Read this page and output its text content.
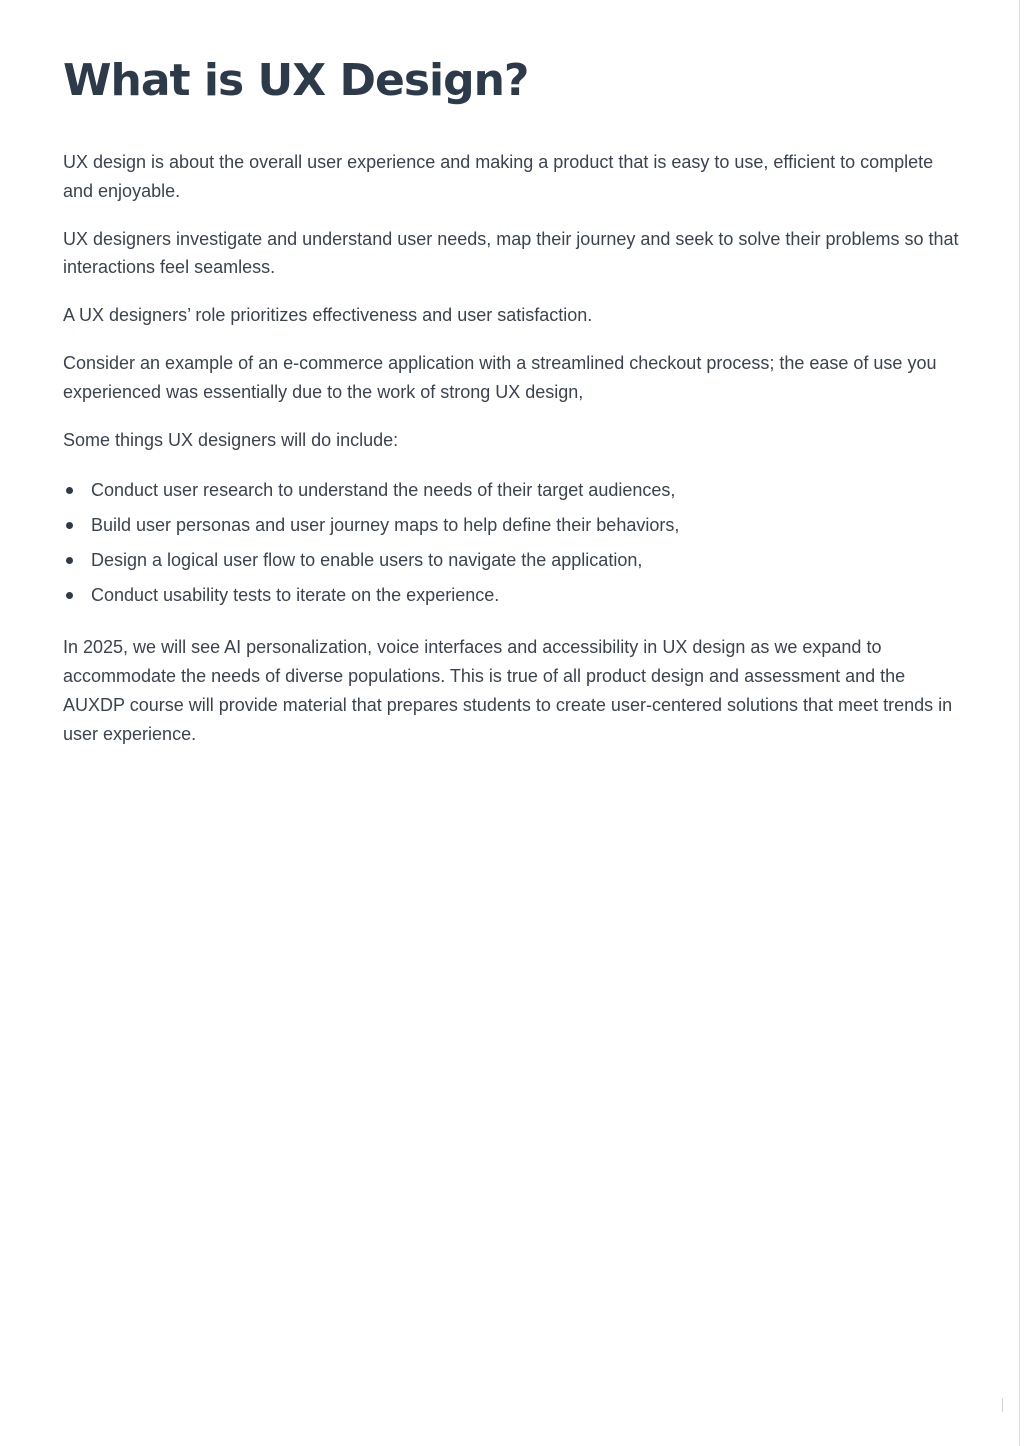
What is UX Design?

UX design is about the overall user experience and making a product that is easy to use, efficient to complete and enjoyable.

UX designers investigate and understand user needs, map their journey and seek to solve their problems so that interactions feel seamless.

A UX designers’ role prioritizes effectiveness and user satisfaction.

Consider an example of an e-commerce application with a streamlined checkout process; the ease of use you experienced was essentially due to the work of strong UX design,

Some things UX designers will do include:

Conduct user research to understand the needs of their target audiences,
Build user personas and user journey maps to help define their behaviors,
Design a logical user flow to enable users to navigate the application,
Conduct usability tests to iterate on the experience.

In 2025, we will see AI personalization, voice interfaces and accessibility in UX design as we expand to accommodate the needs of diverse populations. This is true of all product design and assessment and the AUXDP course will provide material that prepares students to create user-centered solutions that meet trends in user experience.
